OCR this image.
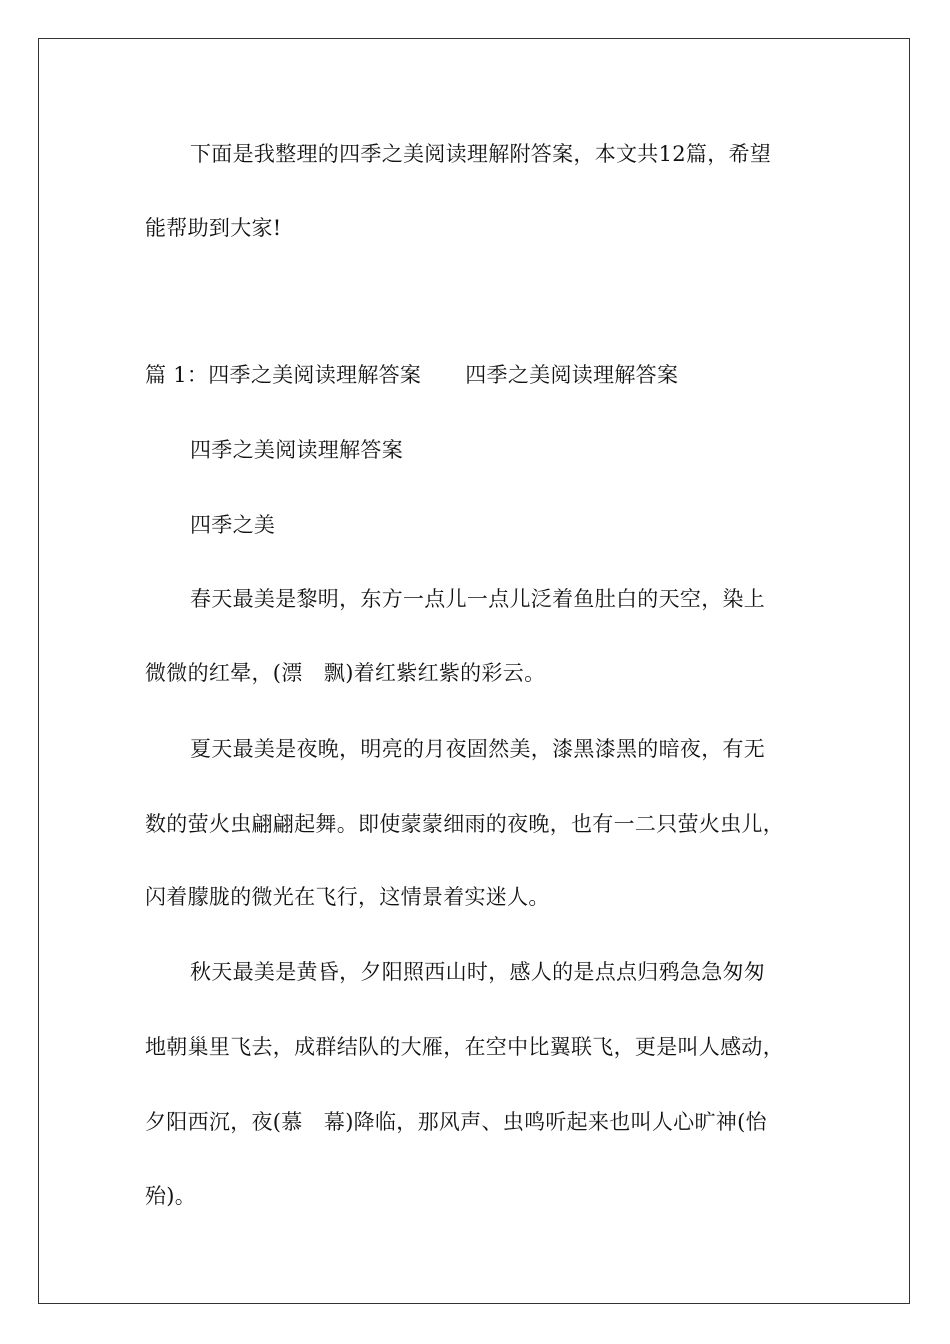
下面是我整理的四季之美阅读理解附答案，本文共12篇，希望
能帮助到大家!
篇 1：四季之美阅读理解答案 四季之美阅读理解答案
四季之美阅读理解答案
四季之美
春天最美是黎明，东方一点儿一点儿泛着鱼肚白的天空，染上
微微的红晕，(漂　飘)着红紫红紫的彩云。
夏天最美是夜晚，明亮的月夜固然美，漆黑漆黑的暗夜，有无
数的萤火虫翩翩起舞。即使蒙蒙细雨的夜晚，也有一二只萤火虫儿，
闪着朦胧的微光在飞行，这情景着实迷人。
秋天最美是黄昏，夕阳照西山时，感人的是点点归鸦急急匆匆
地朝巢里飞去，成群结队的大雁，在空中比翼联飞，更是叫人感动，
夕阳西沉，夜(慕　幕)降临，那风声、虫鸣听起来也叫人心旷神(怡
殆)。
